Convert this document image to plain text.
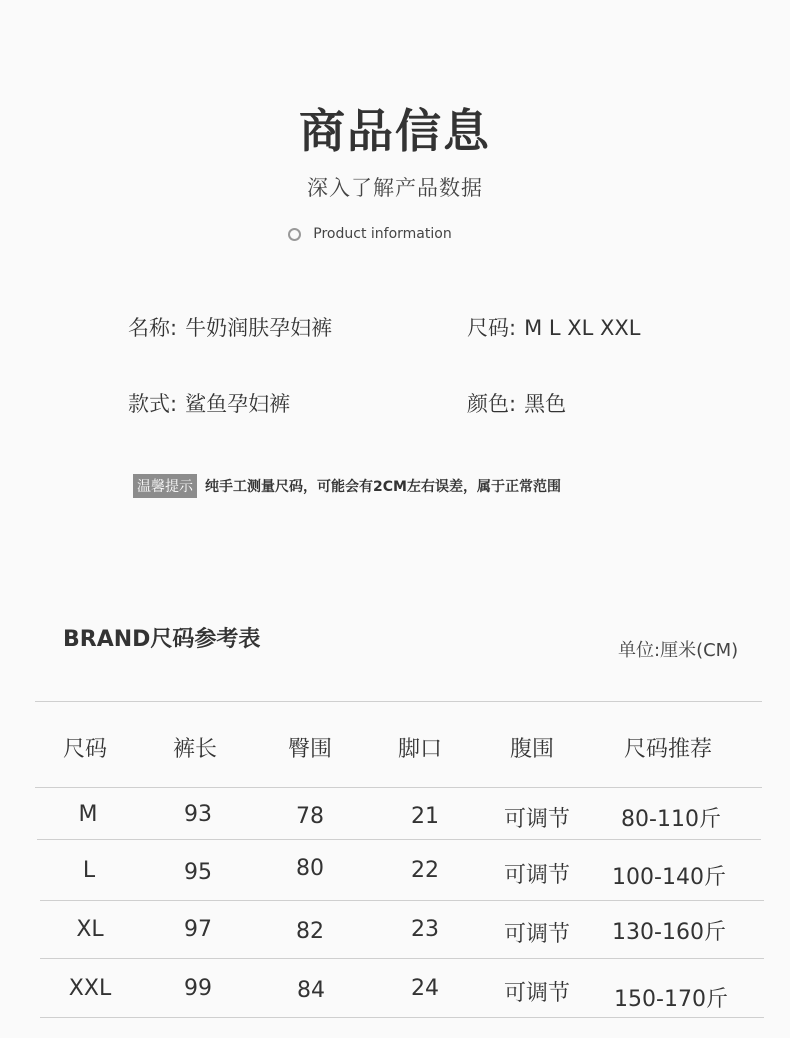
商品信息
深入了解产品数据
Product information
名称: 牛奶润肤孕妇裤	尺码: M L XL XXL
款式: 鲨鱼孕妇裤	颜色: 黑色
温馨提示 纯手工测量尺码，可能会有2CM左右误差，属于正常范围
BRAND尺码参考表	单位:厘米(CM)
尺码	裤长	臀围	脚口	腹围	尺码推荐
M	93	78	21	可调节 80-110斤
L	95	80	22	可调节 100-140斤
XL	97	82	23	可调节 130-160斤
XXL	99	84	24	可调节 150-170斤
